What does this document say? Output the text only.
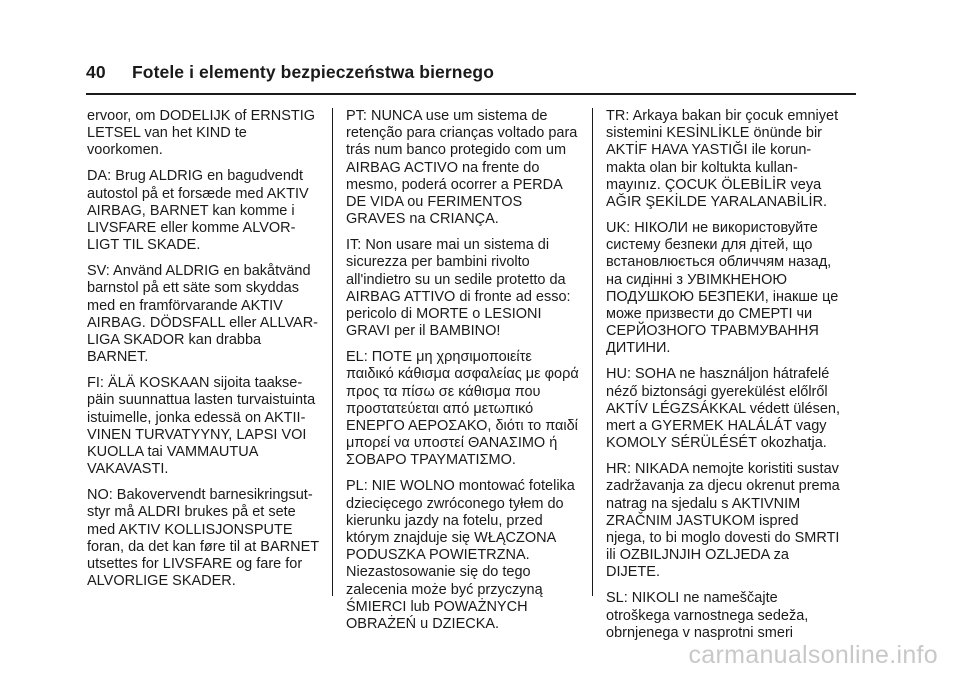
40 Fotele i elementy bezpieczeństwa biernego

ervoor, om DODELIJK of ERNSTIG
LETSEL van het KIND te
voorkomen.

DA: Brug ALDRIG en bagudvendt
autostol på et forsæde med AKTIV
AIRBAG, BARNET kan komme i
LIVSFARE eller komme ALVOR-
LIGT TIL SKADE.

SV: Använd ALDRIG en bakåtvänd
barnstol på ett säte som skyddas
med en framförvarande AKTIV
AIRBAG. DÖDSFALL eller ALLVAR-
LIGA SKADOR kan drabba
BARNET.

FI: ÄLÄ KOSKAAN sijoita taakse-
päin suunnattua lasten turvaistuinta
istuimelle, jonka edessä on AKTII-
VINEN TURVATYYNY, LAPSI VOI
KUOLLA tai VAMMAUTUA
VAKAVASTI.

NO: Bakovervendt barnesikringsut-
styr må ALDRI brukes på et sete
med AKTIV KOLLISJONSPUTE
foran, da det kan føre til at BARNET
utsettes for LIVSFARE og fare for
ALVORLIGE SKADER.

PT: NUNCA use um sistema de
retenção para crianças voltado para
trás num banco protegido com um
AIRBAG ACTIVO na frente do
mesmo, poderá ocorrer a PERDA
DE VIDA ou FERIMENTOS
GRAVES na CRIANÇA.

IT: Non usare mai un sistema di
sicurezza per bambini rivolto
all'indietro su un sedile protetto da
AIRBAG ATTIVO di fronte ad esso:
pericolo di MORTE o LESIONI
GRAVI per il BAMBINO!

EL: ΠΟΤΕ μη χρησιμοποιείτε
παιδικό κάθισμα ασφαλείας με φορά
προς τα πίσω σε κάθισμα που
προστατεύεται από μετωπικό
ΕΝΕΡΓΟ ΑΕΡΟΣΑΚΟ, διότι το παιδί
μπορεί να υποστεί ΘΑΝΑΣΙΜΟ ή
ΣΟΒΑΡΟ ΤΡΑΥΜΑΤΙΣΜΟ.

PL: NIE WOLNO montować fotelika
dziecięcego zwróconego tyłem do
kierunku jazdy na fotelu, przed
którym znajduje się WŁĄCZONA
PODUSZKA POWIETRZNA.
Niezastosowanie się do tego
zalecenia może być przyczyną
ŚMIERCI lub POWAŻNYCH
OBRAŻEŃ u DZIECKA.

TR: Arkaya bakan bir çocuk emniyet
sistemini KESİNLİKLE önünde bir
AKTİF HAVA YASTIĞI ile korun-
makta olan bir koltukta kullan-
mayınız. ÇOCUK ÖLEBİLİR veya
AĞIR ŞEKİLDE YARALANABİLİR.

UK: НІКОЛИ не використовуйте
систему безпеки для дітей, що
встановлюється обличчям назад,
на сидінні з УВІМКНЕНОЮ
ПОДУШКОЮ БЕЗПЕКИ, інакше це
може призвести до СМЕРТІ чи
СЕРЙОЗНОГО ТРАВМУВАННЯ
ДИТИНИ.

HU: SOHA ne használjon hátrafelé
néző biztonsági gyerekülést előlről
AKTÍV LÉGZSÁKKAL védett ülésen,
mert a GYERMEK HALÁLÁT vagy
KOMOLY SÉRÜLÉSÉT okozhatja.

HR: NIKADA nemojte koristiti sustav
zadržavanja za djecu okrenut prema
natrag na sjedalu s AKTIVNIM
ZRAČNIM JASTUKOM ispred
njega, to bi moglo dovesti do SMRTI
ili OZBILJNJIH OZLJEDA za
DIJETE.

SL: NIKOLI ne nameščajte
otroškega varnostnega sedeža,
obrnjenega v nasprotni smeri

carmanualsonline.info
